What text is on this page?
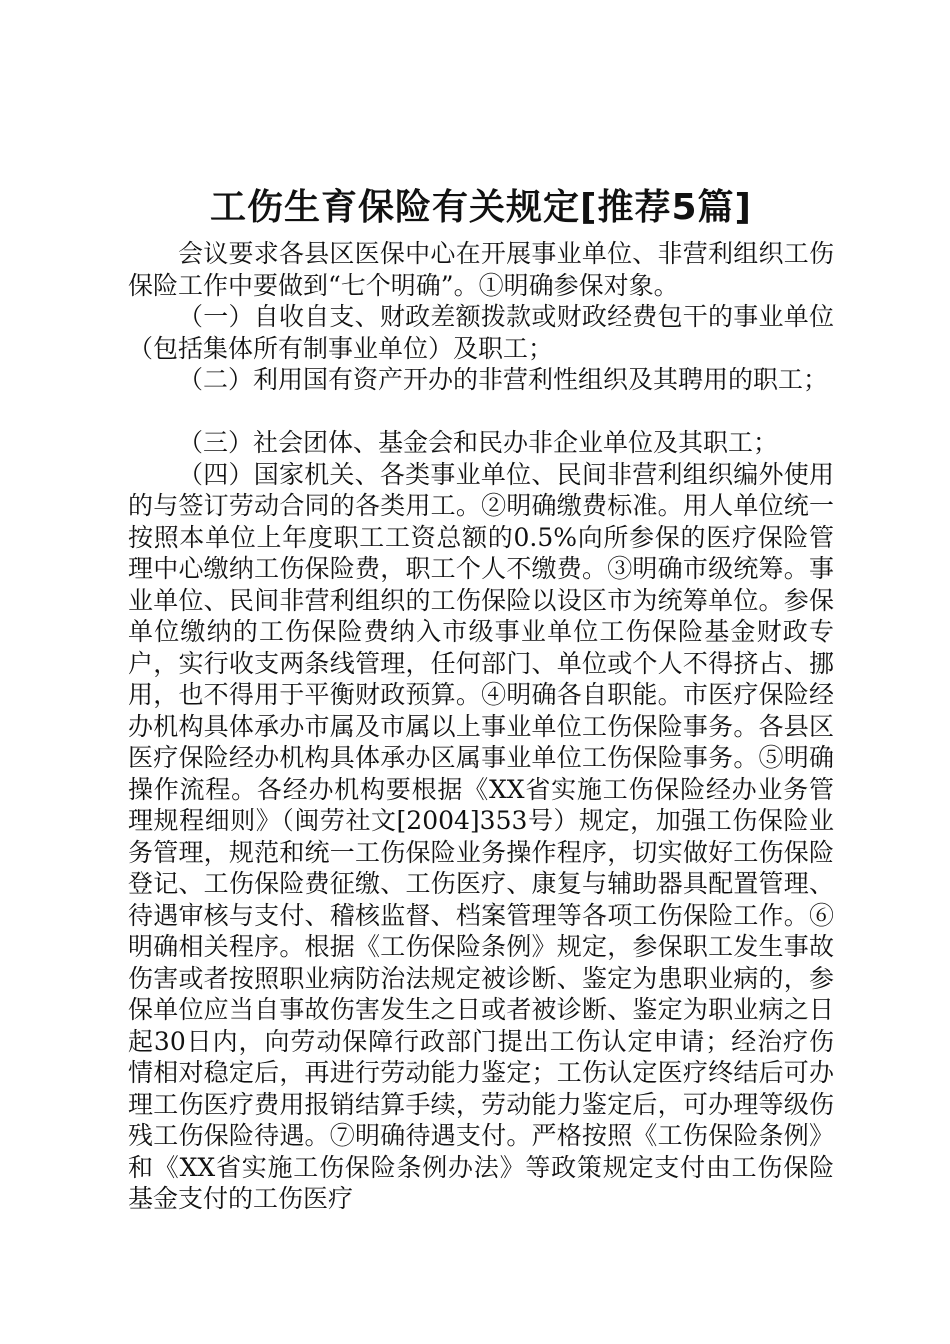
工伤生育保险有关规定[推荐5篇]

会议要求各县区医保中心在开展事业单位、非营利组织工伤保险工作中要做到“七个明确”。①明确参保对象。

（一）自收自支、财政差额拨款或财政经费包干的事业单位（包括集体所有制事业单位）及职工；

（二）利用国有资产开办的非营利性组织及其聘用的职工；

（三）社会团体、基金会和民办非企业单位及其职工；

（四）国家机关、各类事业单位、民间非营利组织编外使用的与签订劳动合同的各类用工。②明确缴费标准。用人单位统一按照本单位上年度职工工资总额的0.5%向所参保的医疗保险管理中心缴纳工伤保险费，职工个人不缴费。③明确市级统筹。事业单位、民间非营利组织的工伤保险以设区市为统筹单位。参保单位缴纳的工伤保险费纳入市级事业单位工伤保险基金财政专户，实行收支两条线管理，任何部门、单位或个人不得挤占、挪用，也不得用于平衡财政预算。④明确各自职能。市医疗保险经办机构具体承办市属及市属以上事业单位工伤保险事务。各县区医疗保险经办机构具体承办区属事业单位工伤保险事务。⑤明确操作流程。各经办机构要根据《XX省实施工伤保险经办业务管理规程细则》（闽劳社文[2004]353号）规定，加强工伤保险业务管理，规范和统一工伤保险业务操作程序，切实做好工伤保险登记、工伤保险费征缴、工伤医疗、康复与辅助器具配置管理、待遇审核与支付、稽核监督、档案管理等各项工伤保险工作。⑥明确相关程序。根据《工伤保险条例》规定，参保职工发生事故伤害或者按照职业病防治法规定被诊断、鉴定为患职业病的，参保单位应当自事故伤害发生之日或者被诊断、鉴定为职业病之日起30日内，向劳动保障行政部门提出工伤认定申请；经治疗伤情相对稳定后，再进行劳动能力鉴定；工伤认定医疗终结后可办理工伤医疗费用报销结算手续，劳动能力鉴定后，可办理等级伤残工伤保险待遇。⑦明确待遇支付。严格按照《工伤保险条例》和《XX省实施工伤保险条例办法》等政策规定支付由工伤保险基金支付的工伤医疗
